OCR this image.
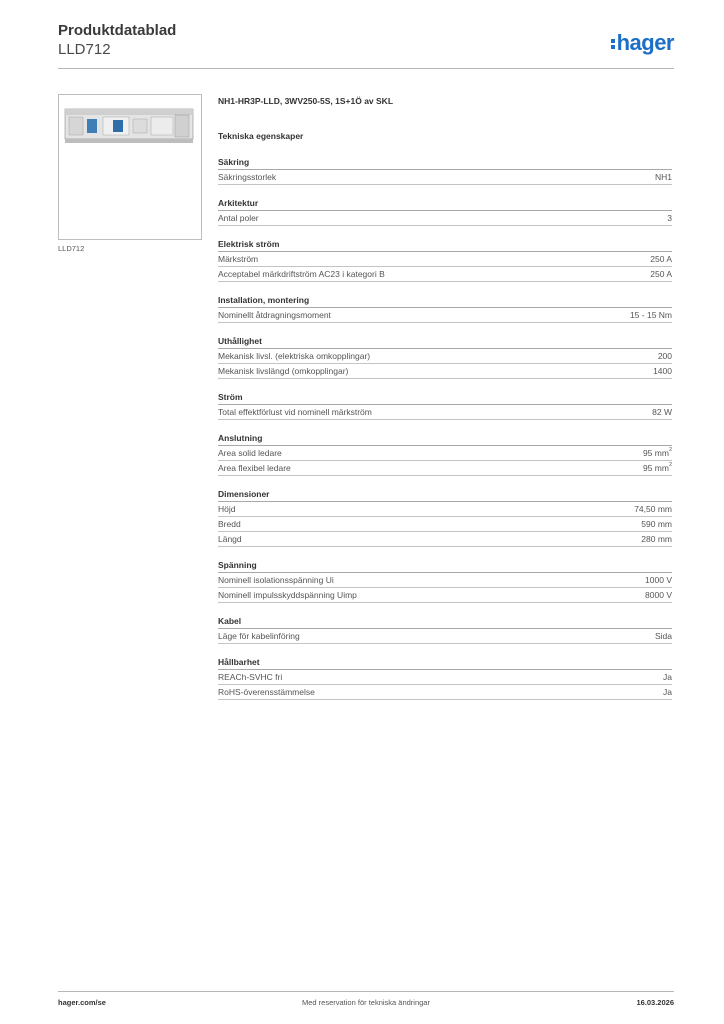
Produktdatablad
LLD712	hager
LLD712
NH1-HR3P-LLD, 3WV250-5S, 1S+1Ö av SKL
Tekniska egenskaper
Säkring
Säkringsstorlek	NH1
Arkitektur
Antal poler	3
Elektrisk ström
Märkström	250 A
Acceptabel märkdriftström AC23 i kategori B	250 A
Installation, montering
Nominellt åtdragningsmoment	15 - 15 Nm
Uthållighet
Mekanisk livsl. (elektriska omkopplingar)	200
Mekanisk livslängd (omkopplingar)	1400
Ström
Total effektförlust vid nominell märkström	82 W
Anslutning
Area solid ledare	95 $mm^2$
Area flexibel ledare	95 $mm^2$
Dimensioner
Höjd	74,50 mm
Bredd	590 mm
Längd	280 mm
Spänning
Nominell isolationsspänning Ui	1000 V
Nominell impulsskyddspänning Uimp	8000 V
Kabel
Läge för kabelinföring	Sida
Hållbarhet
REACh-SVHC fri	Ja
RoHS-överensstämmelse	Ja
hager.com/se	Med reservation för tekniska ändringar	16.03.2026
